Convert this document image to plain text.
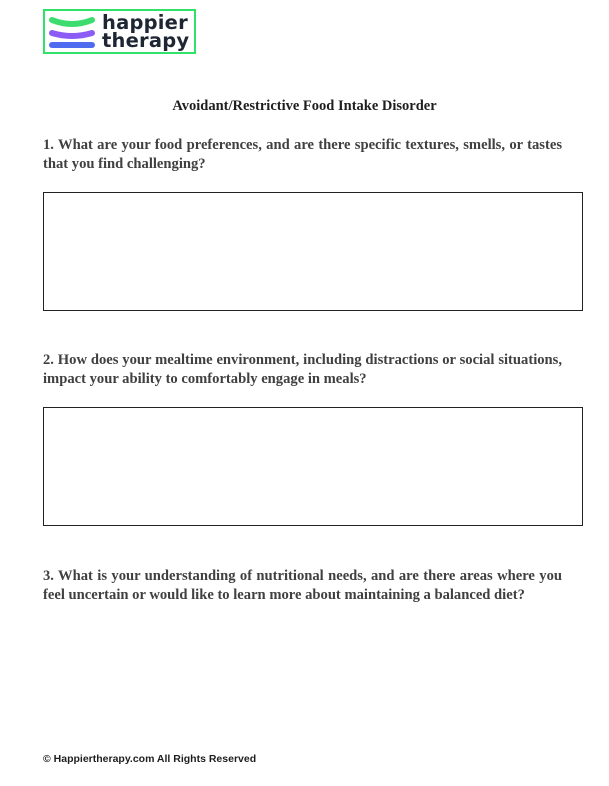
happier
therapy
Avoidant/Restrictive Food Intake Disorder
1. What are your food preferences, and are there specific textures, smells, or tastes that you find challenging?
2. How does your mealtime environment, including distractions or social situations, impact your ability to comfortably engage in meals?
3. What is your understanding of nutritional needs, and are there areas where you feel uncertain or would like to learn more about maintaining a balanced diet?
© Happiertherapy.com All Rights Reserved
